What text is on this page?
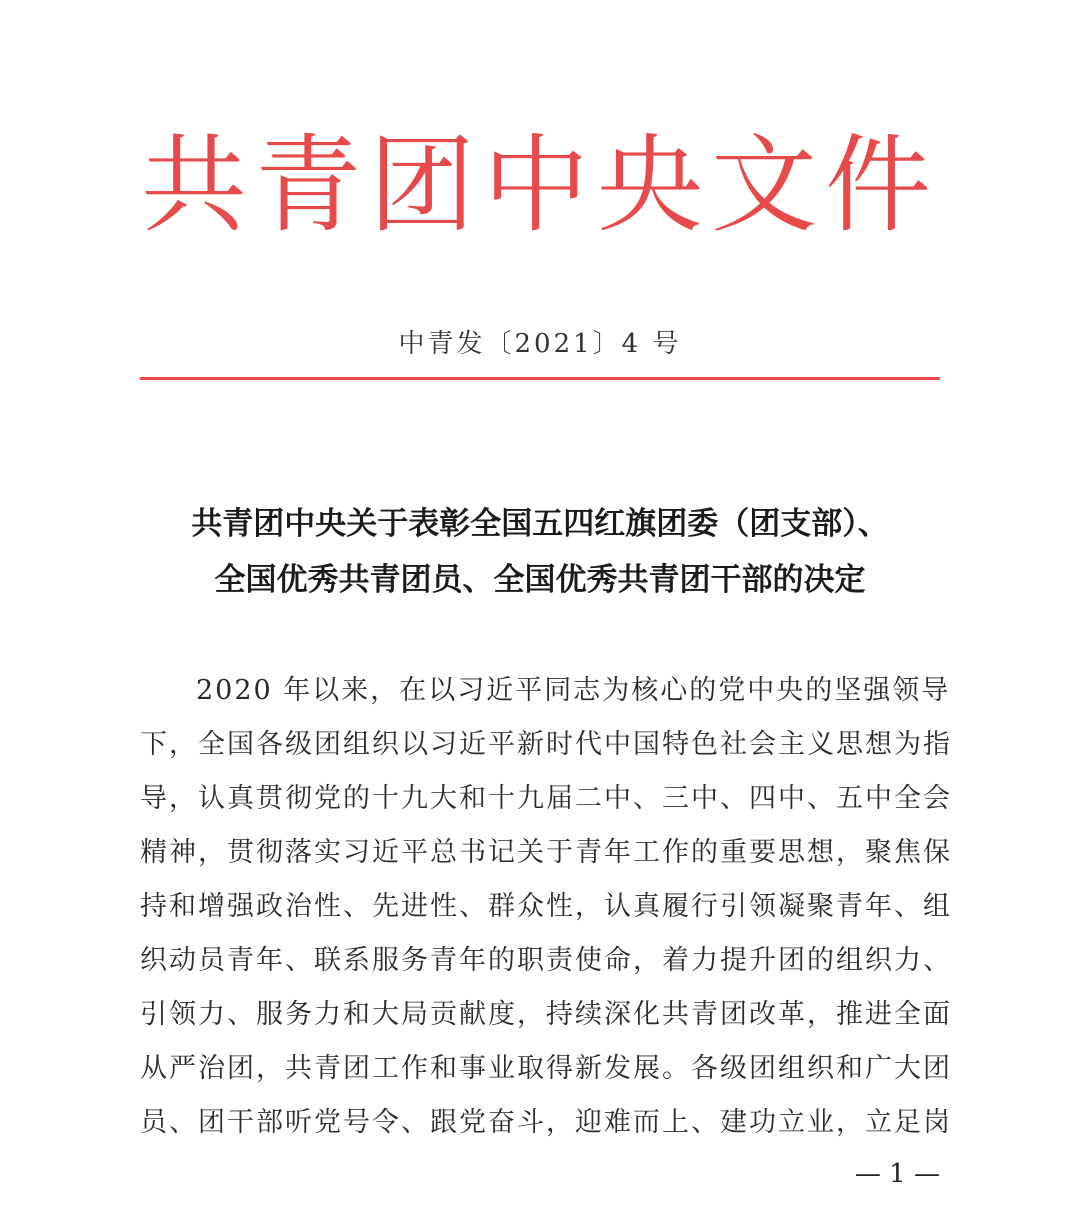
共青团中央文件
中青发〔2021〕4 号
共青团中央关于表彰全国五四红旗团委（团支部）、
全国优秀共青团员、全国优秀共青团干部的决定
2020 年以来，在以习近平同志为核心的党中央的坚强领导
下，全国各级团组织以习近平新时代中国特色社会主义思想为指
导，认真贯彻党的十九大和十九届二中、三中、四中、五中全会
精神，贯彻落实习近平总书记关于青年工作的重要思想，聚焦保
持和增强政治性、先进性、群众性，认真履行引领凝聚青年、组
织动员青年、联系服务青年的职责使命，着力提升团的组织力、
引领力、服务力和大局贡献度，持续深化共青团改革，推进全面
从严治团，共青团工作和事业取得新发展。各级团组织和广大团
员、团干部听党号令、跟党奋斗，迎难而上、建功立业，立足岗
— 1 —
